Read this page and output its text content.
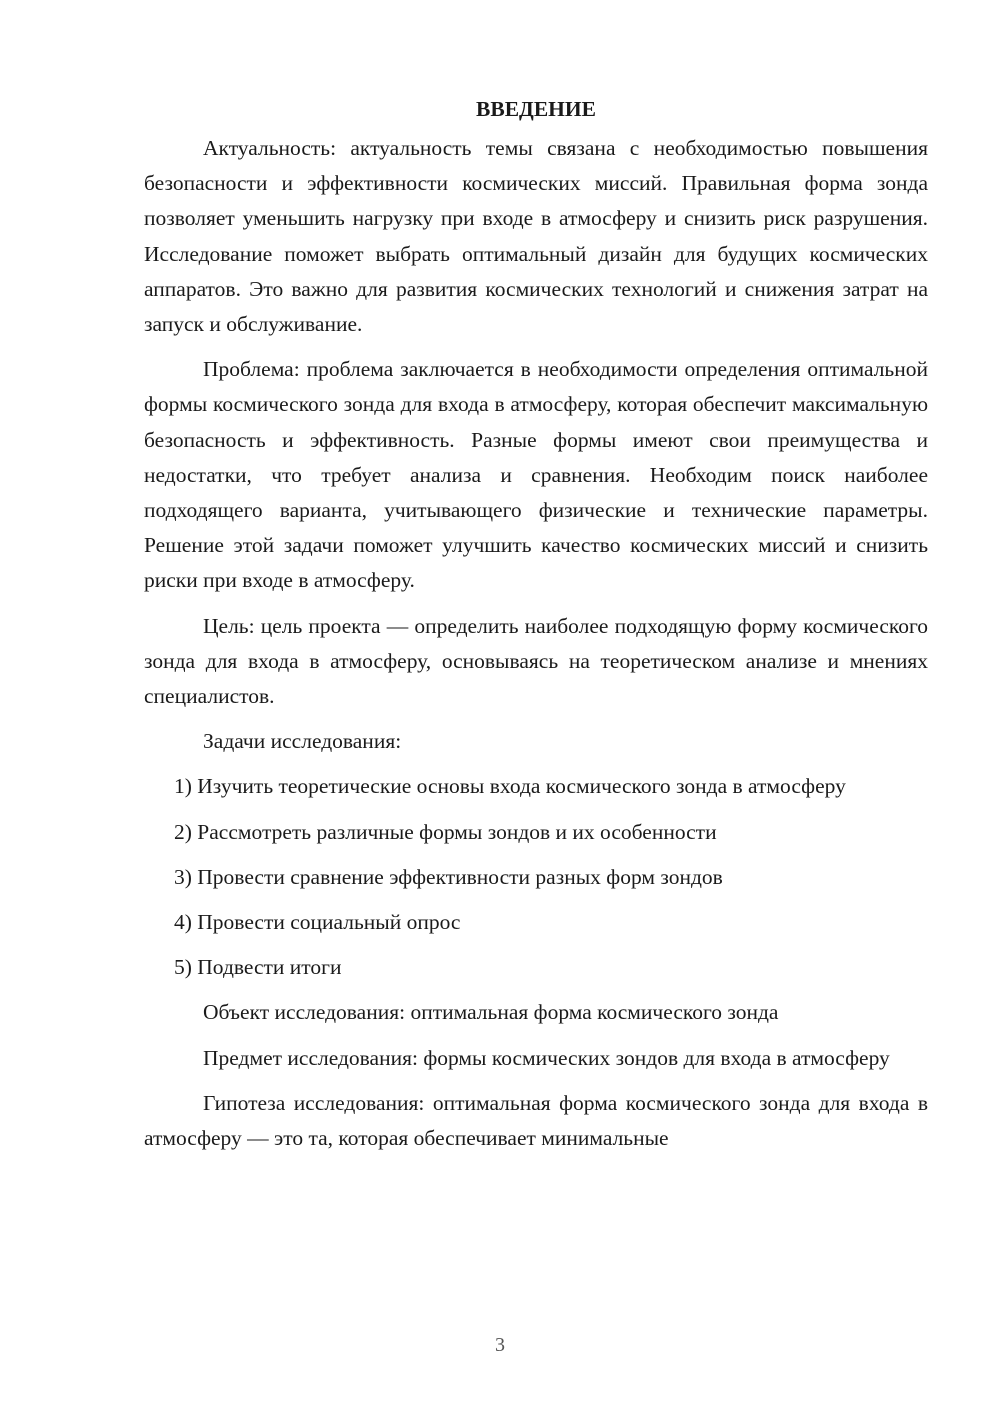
ВВЕДЕНИЕ

Актуальность: актуальность темы связана с необходимостью повышения безопасности и эффективности космических миссий. Правильная форма зонда позволяет уменьшить нагрузку при входе в атмосферу и снизить риск разрушения. Исследование поможет выбрать оптимальный дизайн для будущих космических аппаратов. Это важно для развития космических технологий и снижения затрат на запуск и обслуживание.

Проблема: проблема заключается в необходимости определения оптимальной формы космического зонда для входа в атмосферу, которая обеспечит максимальную безопасность и эффективность. Разные формы имеют свои преимущества и недостатки, что требует анализа и сравнения. Необходим поиск наиболее подходящего варианта, учитывающего физические и технические параметры. Решение этой задачи поможет улучшить качество космических миссий и снизить риски при входе в атмосферу.

Цель: цель проекта — определить наиболее подходящую форму космического зонда для входа в атмосферу, основываясь на теоретическом анализе и мнениях специалистов.

Задачи исследования:

1) Изучить теоретические основы входа космического зонда в атмосферу

2) Рассмотреть различные формы зондов и их особенности

3) Провести сравнение эффективности разных форм зондов

4) Провести социальный опрос

5) Подвести итоги

Объект исследования: оптимальная форма космического зонда

Предмет исследования: формы космических зондов для входа в атмосферу

Гипотеза исследования: оптимальная форма космического зонда для входа в атмосферу — это та, которая обеспечивает минимальные

3
